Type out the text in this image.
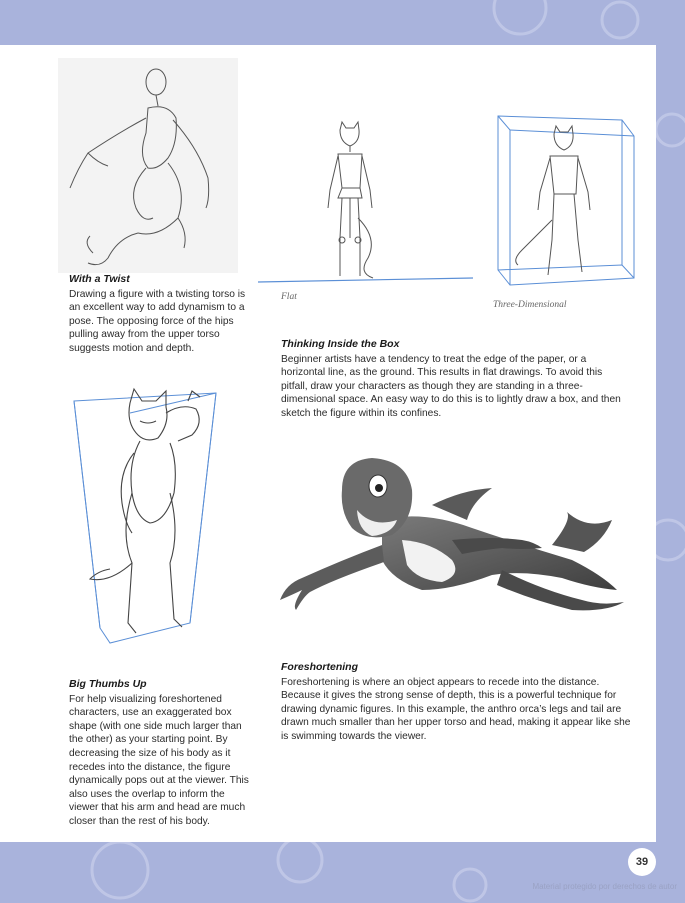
Flat
Three-Dimensional
With a Twist

Drawing a figure with a twisting torso is an excellent way to add dynamism to a pose. The opposing force of the hips pulling away from the upper torso suggests motion and depth.	Thinking Inside the Box

Beginner artists have a tendency to treat the edge of the paper, or a horizontal line, as the ground. This results in flat drawings. To avoid this pitfall, draw your characters as though they are standing in a three-dimensional space. An easy way to do this is to lightly draw a box, and then sketch the figure within its confines.

Foreshortening

Foreshortening is where an object appears to recede into the distance. Because it gives the strong sense of depth, this is a powerful technique for drawing dynamic figures. In this example, the anthro orca’s legs and tail are drawn much smaller than her upper torso and head, making it appear like she is swimming towards the viewer.

Big Thumbs Up

For help visualizing foreshortened characters, use an exaggerated box shape (with one side much larger than the other) as your starting point. By decreasing the size of his body as it recedes into the distance, the figure dynamically pops out at the viewer. This also uses the overlap to inform the viewer that his arm and head are much closer than the rest of his body.

39
Material protegido por derechos de autor
